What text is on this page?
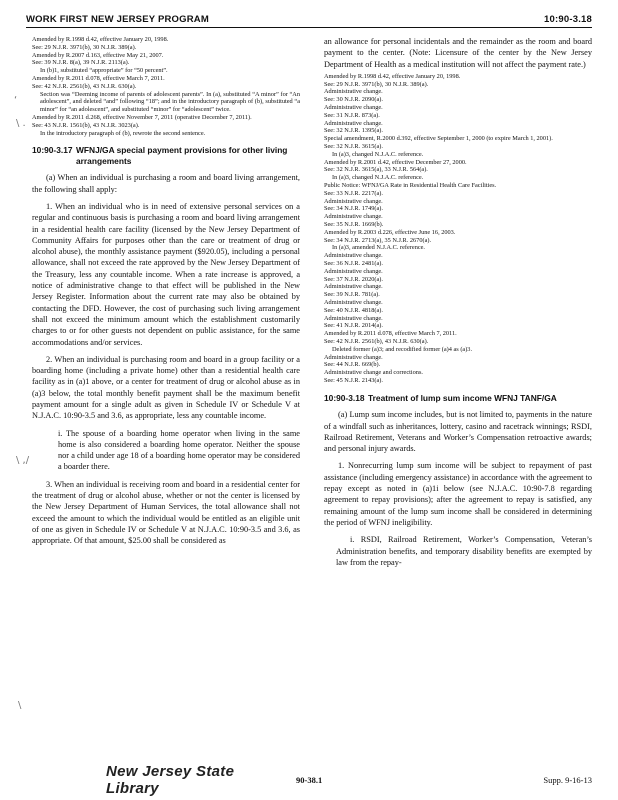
WORK FIRST NEW JERSEY PROGRAM	10:90-3.18
‘
\ .
\ ,/
\

Amended by R.1998 d.42, effective January 20, 1998.

See: 29 N.J.R. 3971(b), 30 N.J.R. 389(a).

Amended by R.2007 d.163, effective May 21, 2007.

See: 39 N.J.R. 8(a), 39 N.J.R. 2113(a).

In (b)1, substituted “appropriate” for “50 percent”.

Amended by R.2011 d.078, effective March 7, 2011.

See: 42 N.J.R. 2561(b), 43 N.J.R. 630(a).

Section was “Deeming income of parents of adolescent parents”. In (a), substituted “A minor” for “An adolescent”, and deleted “and” following “18”; and in the introductory paragraph of (b), substituted “a minor” for “an adolescent”, and substituted “minor” for “adolescent” twice.

Amended by R.2011 d.268, effective November 7, 2011 (operative December 7, 2011).

See: 43 N.J.R. 1561(b), 43 N.J.R. 3023(a).

In the introductory paragraph of (b), rewrote the second sentence.

10:90-3.17 WFNJ/GA special payment provisions for other living arrangements

(a) When an individual is purchasing a room and board living arrangement, the following shall apply:

1. When an individual who is in need of extensive personal services on a regular and continuous basis is purchasing a room and board living arrangement in a residential health care facility (licensed by the New Jersey Department of Community Affairs for purposes other than the care or treatment of drug or alcohol abuse), the monthly assistance payment ($920.05), including a personal allowance, shall not exceed the rate approved by the New Jersey Department of the Treasury, less any countable income. When a rate increase is approved, a notice of administrative change to that effect will be published in the New Jersey Register. Information about the current rate may also be obtained by contacting the DFD. However, the cost of purchasing such living arrangement shall not exceed the minimum amount which the establishment customarily charges to or for other guests not dependent on public assistance, for the same accommodations and/or services.

2. When an individual is purchasing room and board in a group facility or a boarding home (including a private home) other than a residential health care facility as in (a)1 above, or a center for treatment of drug or alcohol abuse as in (a)3 below, the total monthly benefit payment shall be the maximum benefit payment amount for a single adult as given in Schedule IV or Schedule V at N.J.A.C. 10:90-3.5 and 3.6, as appropriate, less any countable income.

i. The spouse of a boarding home operator when living in the same home is also considered a boarding home operator. Neither the spouse nor a child under age 18 of a boarding home operator may be considered a boarder there.

3. When an individual is receiving room and board in a residential center for the treatment of drug or alcohol abuse, whether or not the center is licensed by the New Jersey Department of Human Services, the total allowance shall not exceed the amount to which the individual would be entitled as an eligible unit of one as given in Schedule IV or Schedule V at N.J.A.C. 10:90-3.5 and 3.6, as appropriate. Of that amount, $25.00 shall be considered as

an allowance for personal incidentals and the remainder as the room and board payment to the center. (Note: Licensure of the center by the New Jersey Department of Health as a medical institution will not affect the payment rate.)

Amended by R.1998 d.42, effective January 20, 1998.

See: 29 N.J.R. 3971(b), 30 N.J.R. 389(a).

Administrative change.

See: 30 N.J.R. 2090(a).

Administrative change.

See: 31 N.J.R. 873(a).

Administrative change.

See: 32 N.J.R. 1395(a).

Special amendment, R.2000 d.392, effective September 1, 2000 (to expire March 1, 2001).

See: 32 N.J.R. 3615(a).

In (a)3, changed N.J.A.C. reference.

Amended by R.2001 d.42, effective December 27, 2000.

See: 32 N.J.R. 3615(a), 33 N.J.R. 564(a).

In (a)3, changed N.J.A.C. reference.

Public Notice: WFNJ/GA Rate in Residential Health Care Facilities.

See: 33 N.J.R. 2217(a).

Administrative change.

See: 34 N.J.R. 1749(a).

Administrative change.

See: 35 N.J.R. 1669(b).

Amended by R.2003 d.226, effective June 16, 2003.

See: 34 N.J.R. 2713(a), 35 N.J.R. 2670(a).

In (a)3, amended N.J.A.C. reference.

Administrative change.

See: 36 N.J.R. 2481(a).

Administrative change.

See: 37 N.J.R. 2020(a).

Administrative change.

See: 39 N.J.R. 781(a).

Administrative change.

See: 40 N.J.R. 4818(a).

Administrative change.

See: 41 N.J.R. 2014(a).

Amended by R.2011 d.078, effective March 7, 2011.

See: 42 N.J.R. 2561(b), 43 N.J.R. 630(a).

Deleted former (a)3; and recodified former (a)4 as (a)3.

Administrative change.

See: 44 N.J.R. 669(b).

Administrative change and corrections.

See: 45 N.J.R. 2143(a).

10:90-3.18 Treatment of lump sum income WFNJ TANF/GA

(a) Lump sum income includes, but is not limited to, payments in the nature of a windfall such as inheritances, lottery, casino and racetrack winnings; RSDI, Railroad Retirement, Veterans and Worker’s Compensation retroactive awards; and personal injury awards.

1. Nonrecurring lump sum income will be subject to repayment of past assistance (including emergency assistance) in accordance with the agreement to repay except as noted in (a)1i below (see N.J.A.C. 10:90-7.8 regarding agreement to repay provisions); after the agreement to repay is satisfied, any remaining amount of the lump sum income shall be considered in determining the period of WFNJ ineligibility.

i. RSDI, Railroad Retirement, Worker’s Compensation, Veteran’s Administration benefits, and temporary disability benefits are exempted by law from the repay-

New Jersey State Library	90-38.1	Supp. 9-16-13
